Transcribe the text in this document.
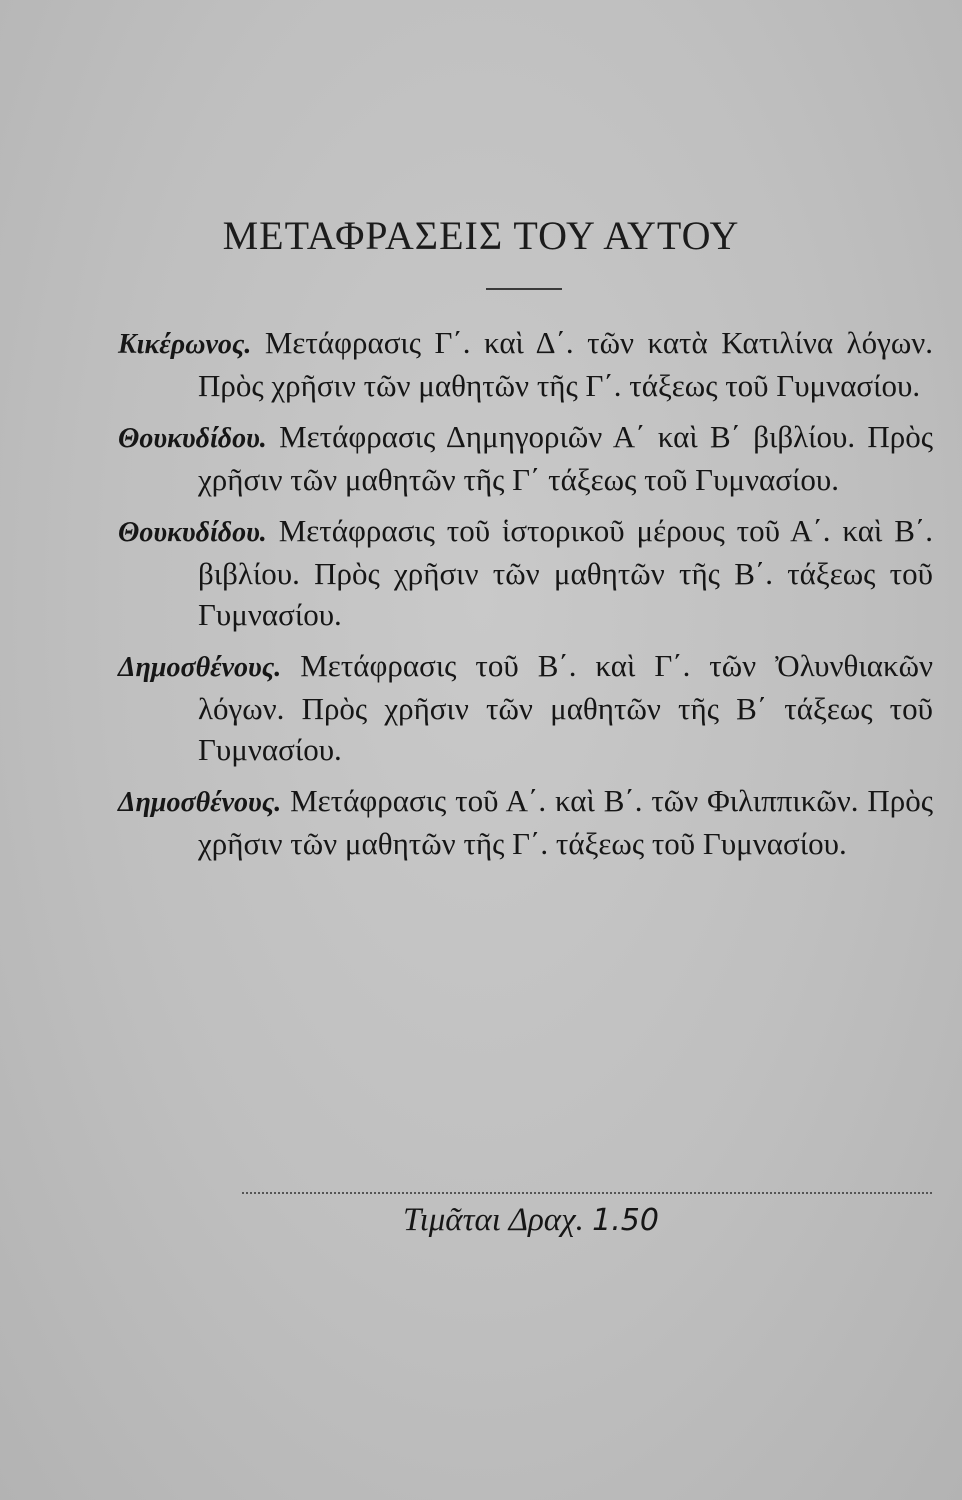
ΜΕΤΑΦΡΑΣΕΙΣ ΤΟΥ ΑΥΤΟΥ

Κικέρωνος. Μετάφρασις Γ΄. καὶ Δ΄. τῶν κατὰ Κατιλίνα λόγων. Πρὸς χρῆσιν τῶν μαθητῶν τῆς Γ΄. τάξεως τοῦ Γυμνασίου.

Θουκυδίδου. Μετάφρασις Δημηγοριῶν Α΄ καὶ Β΄ βιβλίου. Πρὸς χρῆσιν τῶν μαθητῶν τῆς Γ΄ τάξεως τοῦ Γυμνασίου.

Θουκυδίδου. Μετάφρασις τοῦ ἱστορικοῦ μέρους τοῦ Α΄. καὶ Β΄. βιβλίου. Πρὸς χρῆσιν τῶν μαθητῶν τῆς Β΄. τάξεως τοῦ Γυμνασίου.

Δημοσθένους. Μετάφρασις τοῦ Β΄. καὶ Γ΄. τῶν Ὀλυνθιακῶν λόγων. Πρὸς χρῆσιν τῶν μαθητῶν τῆς Β΄ τάξεως τοῦ Γυμνασίου.

Δημοσθένους. Μετάφρασις τοῦ Α΄. καὶ Β΄. τῶν Φιλιππικῶν. Πρὸς χρῆσιν τῶν μαθητῶν τῆς Γ΄. τάξεως τοῦ Γυμνασίου.

Τιμᾶται Δραχ. 1.50
